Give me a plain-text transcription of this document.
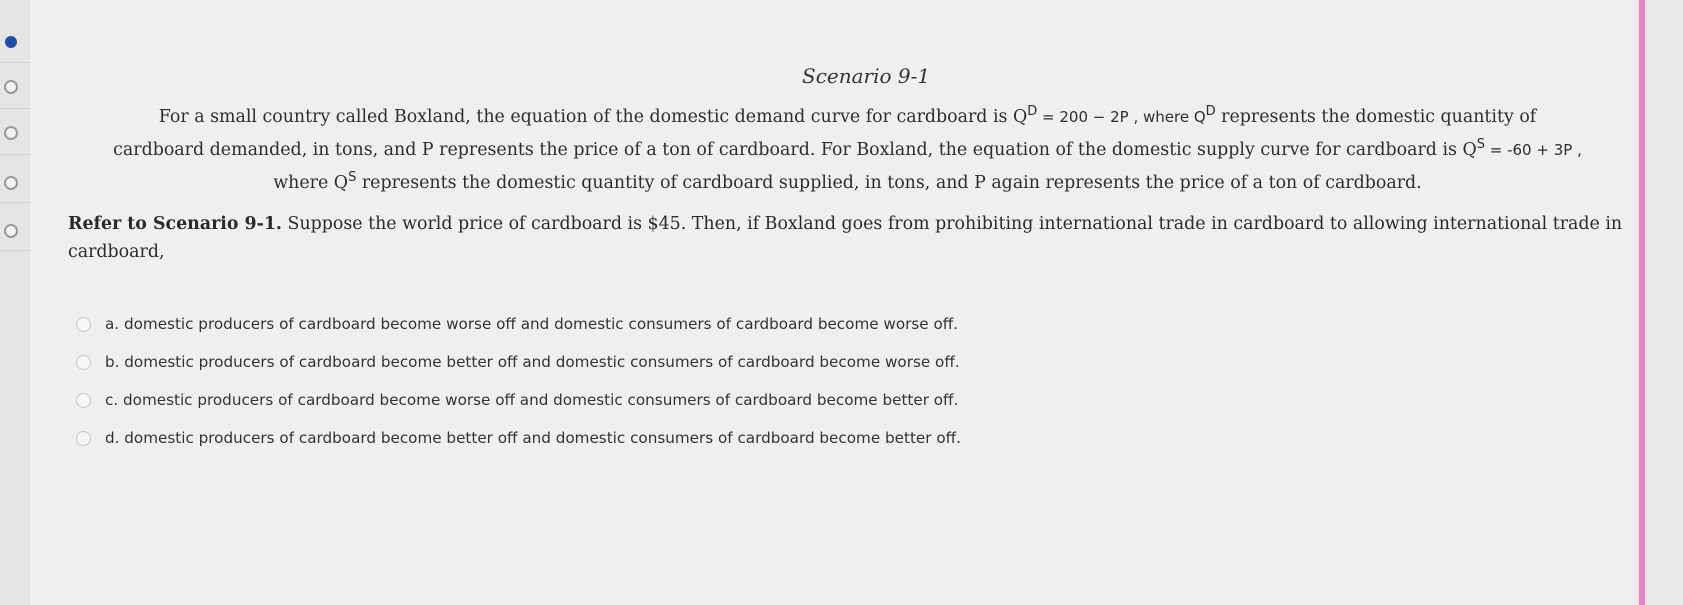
Scenario 9-1
For a small country called Boxland, the equation of the domestic demand curve for cardboard is $Q^D = 200 - 2P$ , where $Q^D$ represents the domestic quantity of
cardboard demanded, in tons, and P represents the price of a ton of cardboard. For Boxland, the equation of the domestic supply curve for cardboard is $Q^S = -60 + 3P$ ,
where $Q^S$ represents the domestic quantity of cardboard supplied, in tons, and P again represents the price of a ton of cardboard.
Refer to Scenario 9-1. Suppose the world price of cardboard is $45. Then, if Boxland goes from prohibiting international trade in cardboard to allowing international trade in cardboard,
a. domestic producers of cardboard become worse off and domestic consumers of cardboard become worse off.
b. domestic producers of cardboard become better off and domestic consumers of cardboard become worse off.
c. domestic producers of cardboard become worse off and domestic consumers of cardboard become better off.
d. domestic producers of cardboard become better off and domestic consumers of cardboard become better off.
